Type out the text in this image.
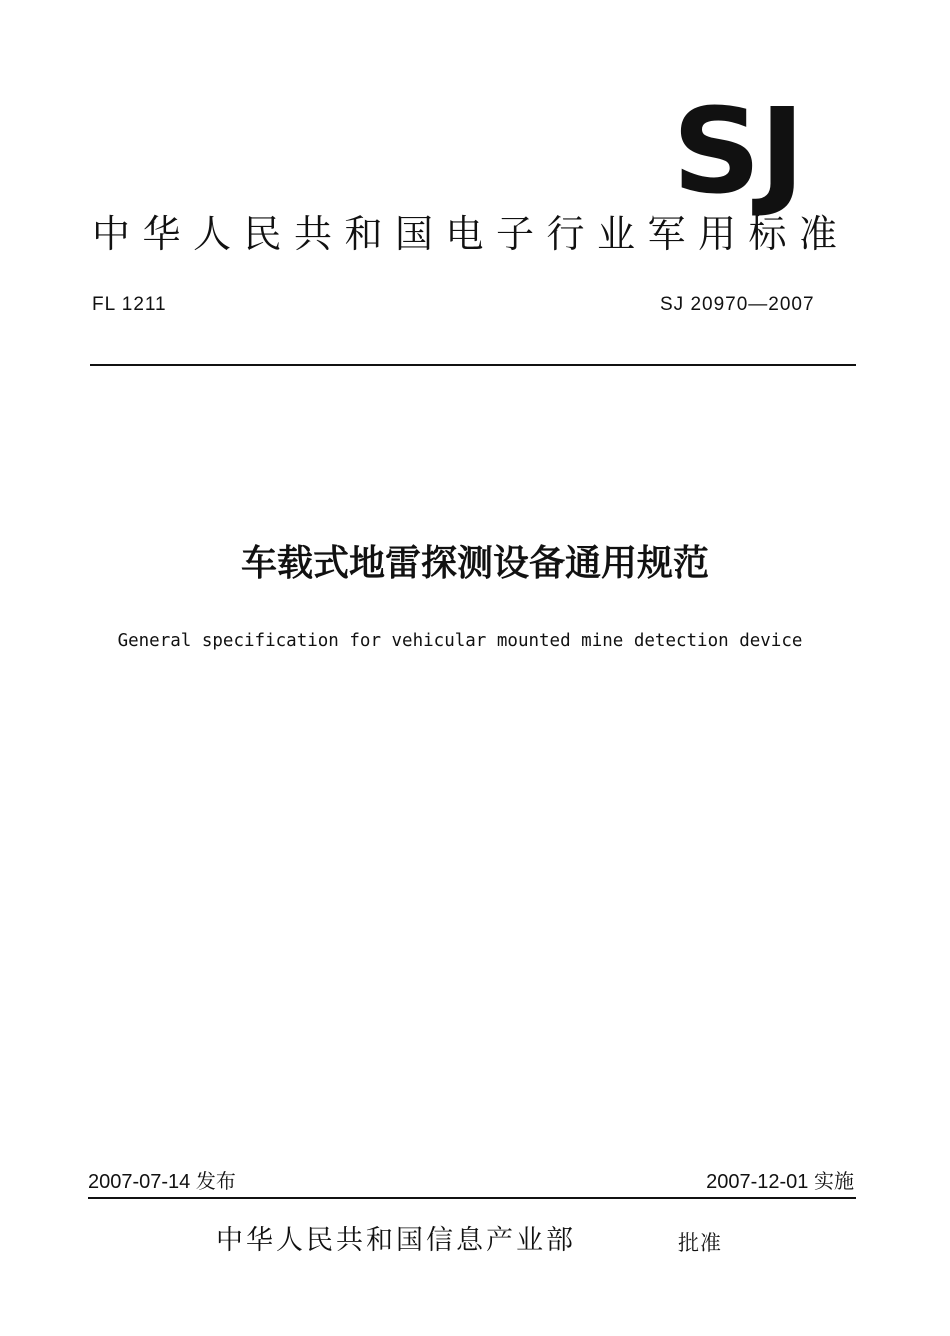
SJ
中华人民共和国电子行业军用标准
FL 1211	SJ 20970—2007
车载式地雷探测设备通用规范
General specification for vehicular mounted mine detection device
2007-07-14 发布	2007-12-01 实施
中华人民共和国信息产业部	批准
